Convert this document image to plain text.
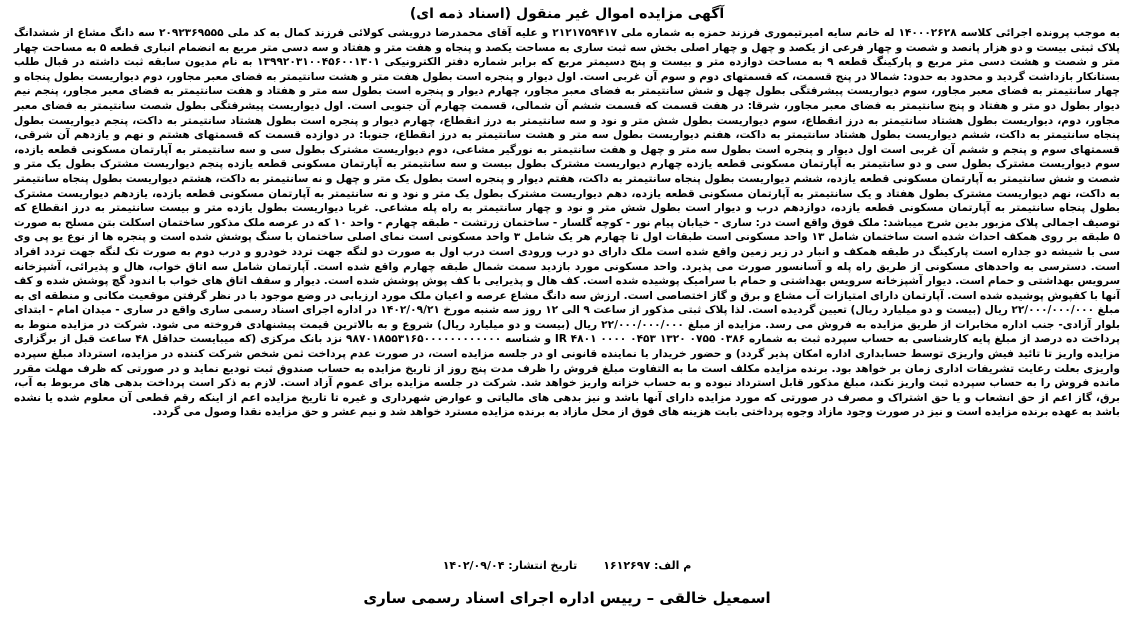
آگهی مزایده اموال غیر منقول (اسناد ذمه ای)
به موجب پرونده اجرائی کلاسه ۱۴۰۰۰۲۶۲۸ له خانم سایه امیرتیموری فرزند حمزه به شماره ملی ۲۱۲۱۷۵۹۴۱۷ و علیه آقای محمدرضا درویشی کولائی فرزند کمال به کد ملی ۲۰۹۲۳۶۹۵۵۵ سه دانگ مشاع از ششدانگ پلاک ثبتی بیست و دو هزار پانصد و شصت و چهار فرعی از یکصد و چهل و چهار اصلی بخش سه ثبت ساری به مساحت یکصد و پنجاه و هفت متر و هفتاد و سه دسی متر مربع به انضمام انباری قطعه ۵ به مساحت چهار متر و شصت و هشت دسی متر مربع و پارکینگ قطعه ۹ به مساحت دوازده متر و بیست و پنج دسیمتر مربع که برابر شماره دفتر الکترونیکی ۱۳۹۹۲۰۳۱۰۰۴۵۶۰۰۱۳۰۱ به نام مدیون سابقه ثبت داشته در قبال طلب بستانکار بازداشت گردید و محدود به حدود: شمالا در پنج قسمت، که قسمتهای دوم و سوم آن غربی است. اول دیوار و پنجره است بطول هفت متر و هشت سانتیمتر به فضای معبر مجاور، دوم دیواریست بطول پنجاه و چهار سانتیمتر به فضای معبر مجاور، سوم دیواریست پیشرفتگی بطول چهل و شش سانتیمتر به فضای معبر مجاور، چهارم دیوار و پنجره است بطول سه متر و هفتاد و هفت سانتیمتر به فضای معبر مجاور، پنجم نیم دیوار بطول دو متر و هفتاد و پنج سانتیمتر به فضای معبر مجاور، شرقا: در هفت قسمت که قسمت ششم آن شمالی، قسمت چهارم آن جنوبی است. اول دیواریست پیشرفتگی بطول شصت سانتیمتر به فضای معبر مجاور، دوم، دیواریست بطول هشتاد سانتیمتر به درز انقطاع، سوم دیواریست بطول شش متر و نود و سه سانتیمتر به درز انقطاع، چهارم دیوار و پنجره است بطول هشتاد سانتیمتر به داکت، پنجم دیواریست بطول پنجاه سانتیمتر به داکت، ششم دیواریست بطول هشتاد سانتیمتر به داکت، هفتم دیواریست بطول سه متر و هشت سانتیمتر به درز انقطاع، جنوبا: در دوازده قسمت که قسمتهای هشتم و نهم و یازدهم آن شرقی، قسمتهای سوم و پنجم و ششم آن غربی است اول دیوار و پنجره است بطول سه متر و چهل و هفت سانتیمتر به نورگیر مشاعی، دوم دیواریست مشترک بطول سی و سه سانتیمتر به آپارتمان مسکونی قطعه یازده، سوم دیواریست مشترک بطول سی و دو سانتیمتر به آپارتمان مسکونی قطعه یازده چهارم دیواریست مشترک بطول بیست و سه سانتیمتر به آپارتمان مسکونی قطعه یازده پنجم دیواریست مشترک بطول یک متر و شصت و شش سانتیمتر به آپارتمان مسکونی قطعه یازده، ششم دیواریست بطول پنجاه سانتیمتر به داکت، هفتم دیوار و پنجره است بطول یک متر و چهل و نه سانتیمتر به داکت، هشتم دیواریست بطول پنجاه سانتیمتر به داکت، نهم دیواریست مشترک بطول هفتاد و یک سانتیمتر به آپارتمان مسکونی قطعه یازده، دهم دیواریست مشترک بطول یک متر و نود و نه سانتیمتر به آپارتمان مسکونی قطعه یازده، یازدهم دیواریست مشترک بطول پنجاه سانتیمتر به آپارتمان مسکونی قطعه یازده، دوازدهم درب و دیوار است بطول شش متر و نود و چهار سانتیمتر به راه پله مشاعی. غربا دیواریست بطول یازده متر و بیست سانتیمتر به درز انقطاع که توصیف اجمالی پلاک مزبور بدین شرح میباشد: ملک فوق واقع است در: ساری - خیابان پیام نور - کوچه گلسار - ساختمان زرتشت - طبقه چهارم - واحد ۱۰ که در عرصه ملک مذکور ساختمان اسکلت بتن مسلح به صورت ۵ طبقه بر روی همکف احداث شده است ساختمان شامل ۱۳ واحد مسکونی است طبقات اول تا چهارم هر یک شامل ۳ واحد مسکونی است نمای اصلی ساختمان با سنگ پوشش شده است و پنجره ها از نوع یو پی وی سی با شیشه دو جداره است پارکینگ در طبقه همکف و انبار در زیر زمین واقع شده است ملک دارای دو درب ورودی است درب اول به صورت دو لنگه جهت تردد خودرو و درب دوم به صورت تک لنگه جهت تردد افراد است. دسترسی به واحدهای مسکونی از طریق راه پله و آسانسور صورت می پذیرد. واحد مسکونی مورد بازدید سمت شمال طبقه چهارم واقع شده است. آپارتمان شامل سه اتاق خواب، هال و پذیرائی، آشپزخانه سرویس بهداشتی و حمام است. دیوار آشپزخانه سرویس بهداشتی و حمام با سرامیک پوشیده شده است. کف هال و پذیرایی با کف پوش پوشش شده است. دیوار و سقف اتاق های خواب با اندود گچ پوشش شده و کف آنها با کفپوش پوشیده شده است. آپارتمان دارای امتیازات آب مشاع و برق و گاز اختصاصی است. ارزش سه دانگ مشاع عرصه و اعیان ملک مورد ارزیابی در وضع موجود با در نظر گرفتن موقعیت مکانی و منطقه ای به مبلغ ۲۲/۰۰۰/۰۰۰/۰۰۰ ریال (بیست و دو میلیارد ریال) تعیین گردیده است. لذا پلاک ثبتی مذکور از ساعت ۹ الی ۱۲ روز سه شنبه مورخ ۱۴۰۲/۰۹/۲۱ در اداره اجرای اسناد رسمی ساری واقع در ساری - میدان امام - ابتدای بلوار آزادی- جنب اداره مخابرات از طریق مزایده به فروش می رسد. مزایده از مبلغ ۲۲/۰۰۰/۰۰۰/۰۰۰ ریال (بیست و دو میلیارد ریال) شروع و به بالاترین قیمت پیشنهادی فروخته می شود. شرکت در مزایده منوط به پرداخت ده درصد از مبلغ پایه کارشناسی به حساب سپرده ثبت به شماره ۰۳۸۶ ۰۷۵۵ ۱۳۲۰ ۰۴۵۳ ۰۰۰۰ ۴۸۰۱ IR و شناسه ۹۸۷۰۱۸۵۵۳۱۶۵۰۰۰۰۰۰۰۰۰۰۰۰ نزد بانک مرکزی (که میبایست حداقل ۴۸ ساعت قبل از برگزاری مزایده واریز تا تائید فیش واریزی توسط حسابداری اداره امکان پذیر گردد) و حضور خریدار یا نماینده قانونی او در جلسه مزایده است، در صورت عدم پرداخت ثمن شخص شرکت کننده در مزایده، استرداد مبلغ سپرده واریزی بعلت رعایت تشریفات اداری زمان بر خواهد بود. برنده مزایده مکلف است ما به التفاوت مبلغ فروش را ظرف مدت پنج روز از تاریخ مزایده به حساب صندوق ثبت تودیع نماید و در صورتی که ظرف مهلت مقرر مانده فروش را به حساب سپرده ثبت واریز نکند، مبلغ مذکور قابل استرداد نبوده و به حساب خزانه واریز خواهد شد. شرکت در جلسه مزایده برای عموم آزاد است. لازم به ذکر است پرداخت بدهی های مربوط به آب، برق، گاز اعم از حق انشعاب و یا حق اشتراک و مصرف در صورتی که مورد مزایده دارای آنها باشد و نیز بدهی های مالیاتی و عوارض شهرداری و غیره تا تاریخ مزایده اعم از اینکه رقم قطعی آن معلوم شده یا نشده باشد به عهده برنده مزایده است و نیز در صورت وجود مازاد وجوه پرداختی بابت هزینه های فوق از محل مازاد به برنده مزایده مسترد خواهد شد و نیم عشر و حق مزایده نقدا وصول می گردد.
م الف: ۱۶۱۲۶۹۷
تاریخ انتشار: ۱۴۰۲/۰۹/۰۴
اسمعیل خالقی – رییس اداره اجرای اسناد رسمی ساری
